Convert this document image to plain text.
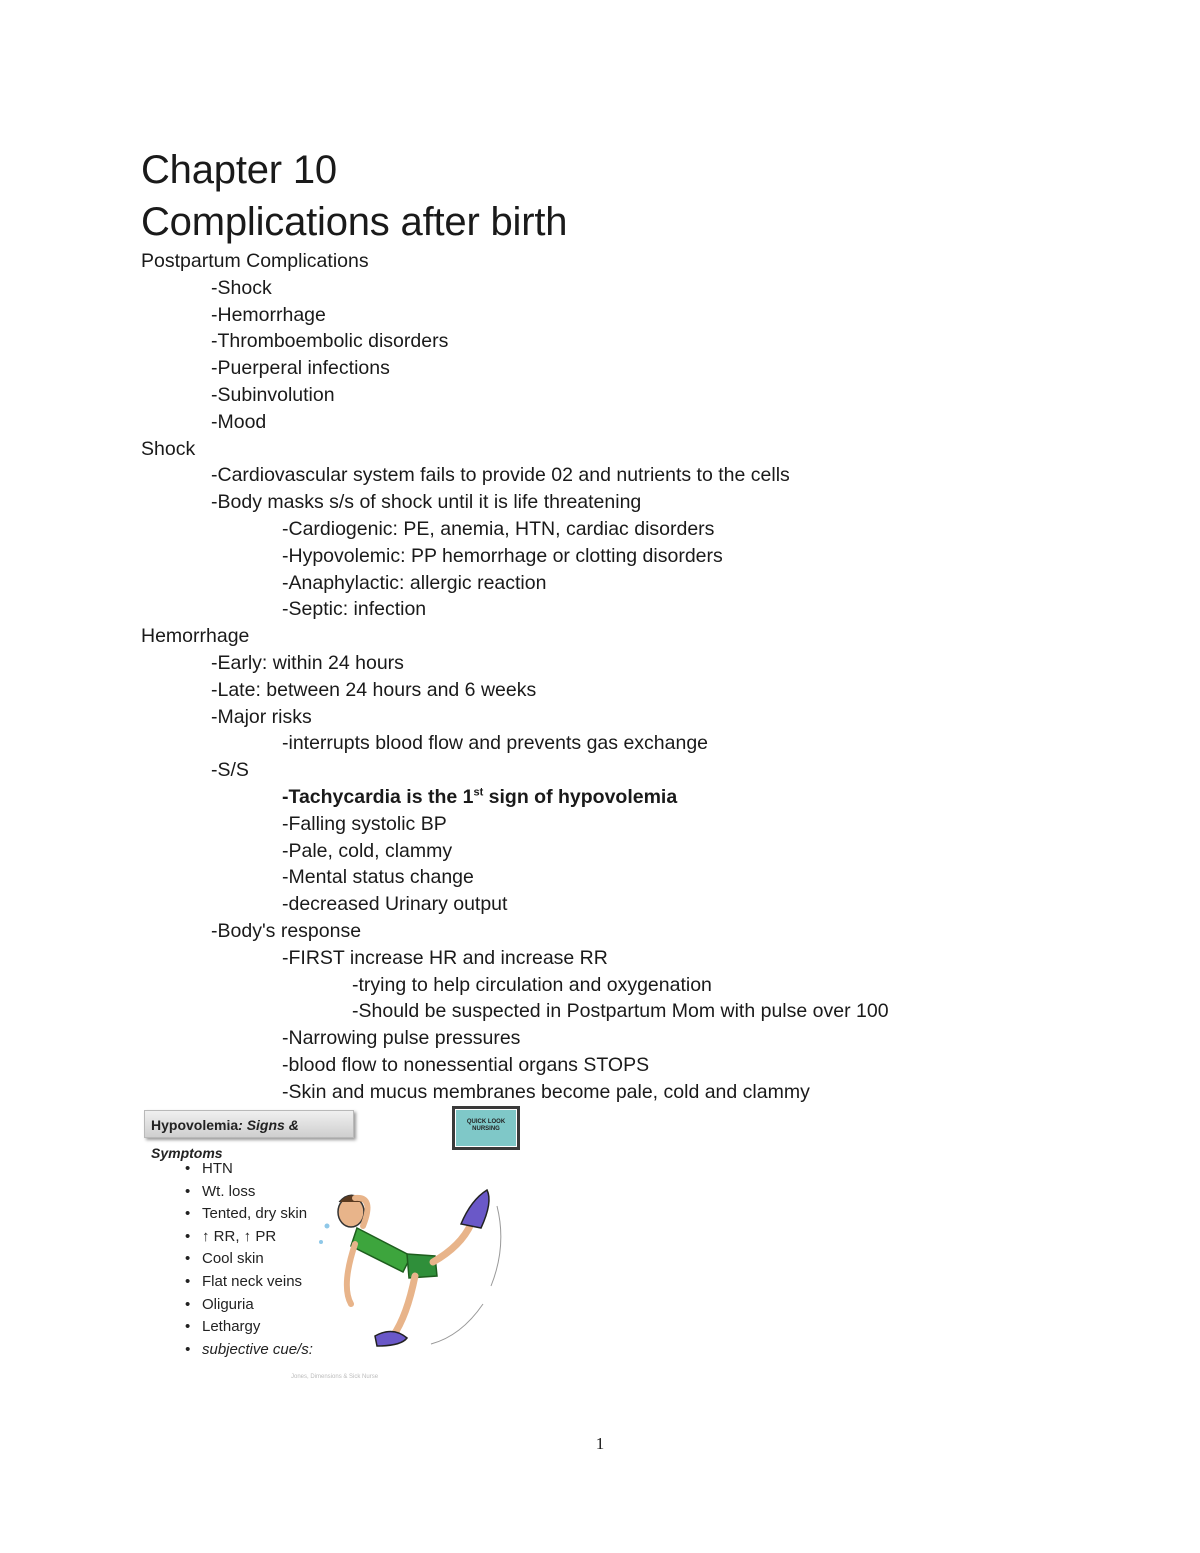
Chapter 10
Complications after birth
Postpartum Complications
-Shock
-Hemorrhage
-Thromboembolic disorders
-Puerperal infections
-Subinvolution
-Mood
Shock
-Cardiovascular system fails to provide 02 and nutrients to the cells
-Body masks s/s of shock until it is life threatening
-Cardiogenic: PE, anemia, HTN, cardiac disorders
-Hypovolemic: PP hemorrhage or clotting disorders
-Anaphylactic: allergic reaction
-Septic: infection
Hemorrhage
-Early: within 24 hours
-Late: between 24 hours and 6 weeks
-Major risks
-interrupts blood flow and prevents gas exchange
-S/S
-Tachycardia is the 1st sign of hypovolemia
-Falling systolic BP
-Pale, cold, clammy
-Mental status change
-decreased Urinary output
-Body's response
-FIRST increase HR and increase RR
-trying to help circulation and oxygenation
-Should be suspected in Postpartum Mom with pulse over 100
-Narrowing pulse pressures
-blood flow to nonessential organs STOPS
-Skin and mucus membranes become pale, cold and clammy
Hypovolemia: Signs & Symptoms
QUICK LOOK NURSING
• HTN
• Wt. loss
• Tented, dry skin
• ↑ RR, ↑ PR
• Cool skin
• Flat neck veins
• Oliguria
• Lethargy
• subjective cue/s:
Jones, Dimensions & Sick Nurse
1
